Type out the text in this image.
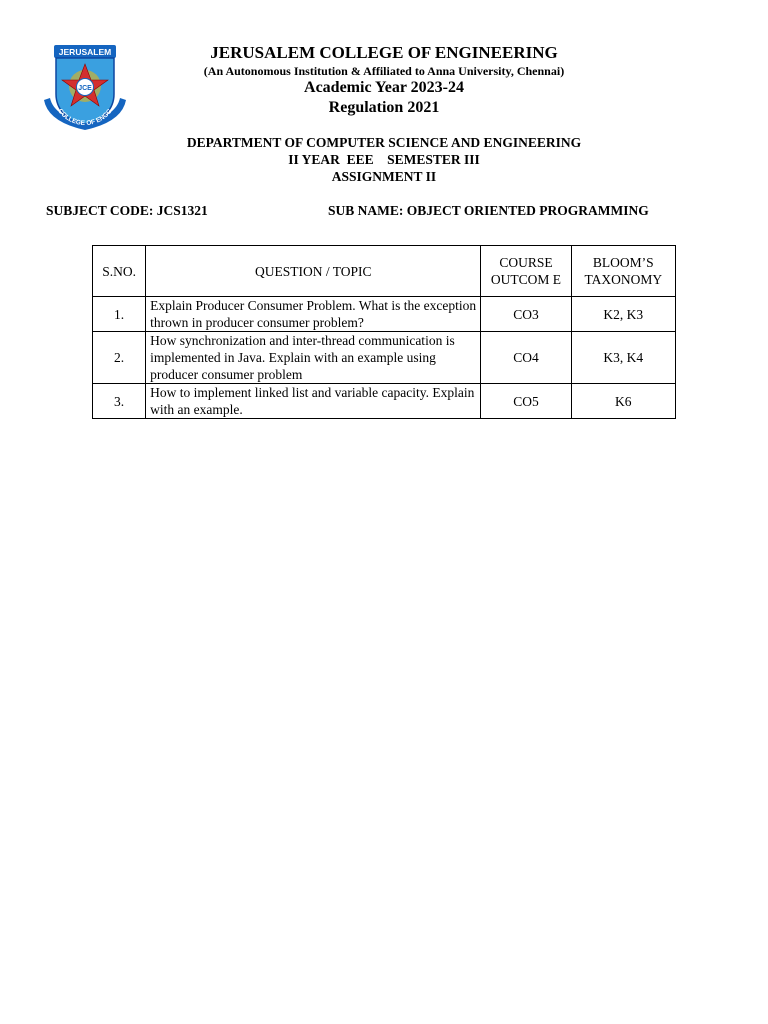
JERUSALEM
JCE
COLLEGE OF ENGG
JERUSALEM COLLEGE OF ENGINEERING
(An Autonomous Institution & Affiliated to Anna University, Chennai)
Academic Year 2023-24
Regulation 2021
DEPARTMENT OF COMPUTER SCIENCE AND ENGINEERING
II YEAR  EEE    SEMESTER III
ASSIGNMENT II
SUBJECT CODE: JCS1321	SUB NAME: OBJECT ORIENTED PROGRAMMING
S.NO.	QUESTION / TOPIC	COURSE OUTCOM E	BLOOM’S TAXONOMY
1.	Explain Producer Consumer Problem. What is the exception thrown in producer consumer problem?	CO3	K2, K3
2.	How synchronization and inter-thread communication is implemented in Java. Explain with an example using producer consumer problem	CO4	K3, K4
3.	How to implement linked list and variable capacity. Explain with an example.	CO5	K6
